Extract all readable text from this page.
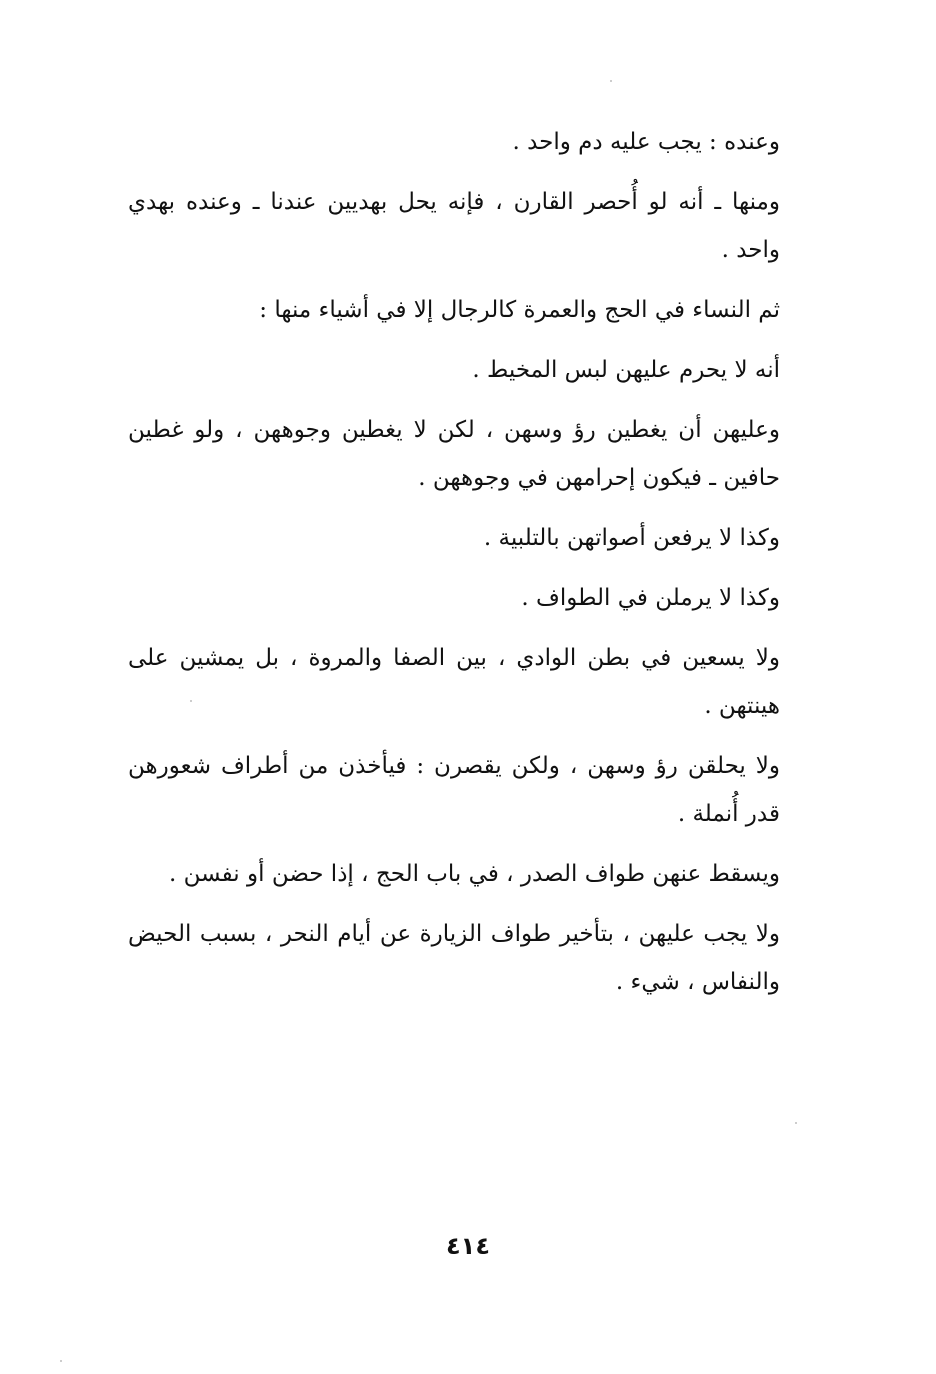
وعنده : يجب عليه دم واحد .

ومنها ـ أنه لو أُحصر القارن ، فإنه يحل بهديين عندنا ـ وعنده بهدي واحد .

ثم النساء في الحج والعمرة كالرجال إلا في أشياء منها :

أنه لا يحرم عليهن لبس المخيط .

وعليهن أن يغطين رؤ وسهن ، لكن لا يغطين وجوههن ، ولو غطين حافين ـ فيكون إحرامهن في وجوههن .

وكذا لا يرفعن أصواتهن بالتلبية .

وكذا لا يرملن في الطواف .

ولا يسعين في بطن الوادي ، بين الصفا والمروة ، بل يمشين على هينتهن .

ولا يحلقن رؤ وسهن ، ولكن يقصرن : فيأخذن من أطراف شعورهن قدر أُنملة .

ويسقط عنهن طواف الصدر ، في باب الحج ، إذا حضن أو نفسن .

ولا يجب عليهن ، بتأخير طواف الزيارة عن أيام النحر ، بسبب الحيض والنفاس ، شيء .

٤١٤
